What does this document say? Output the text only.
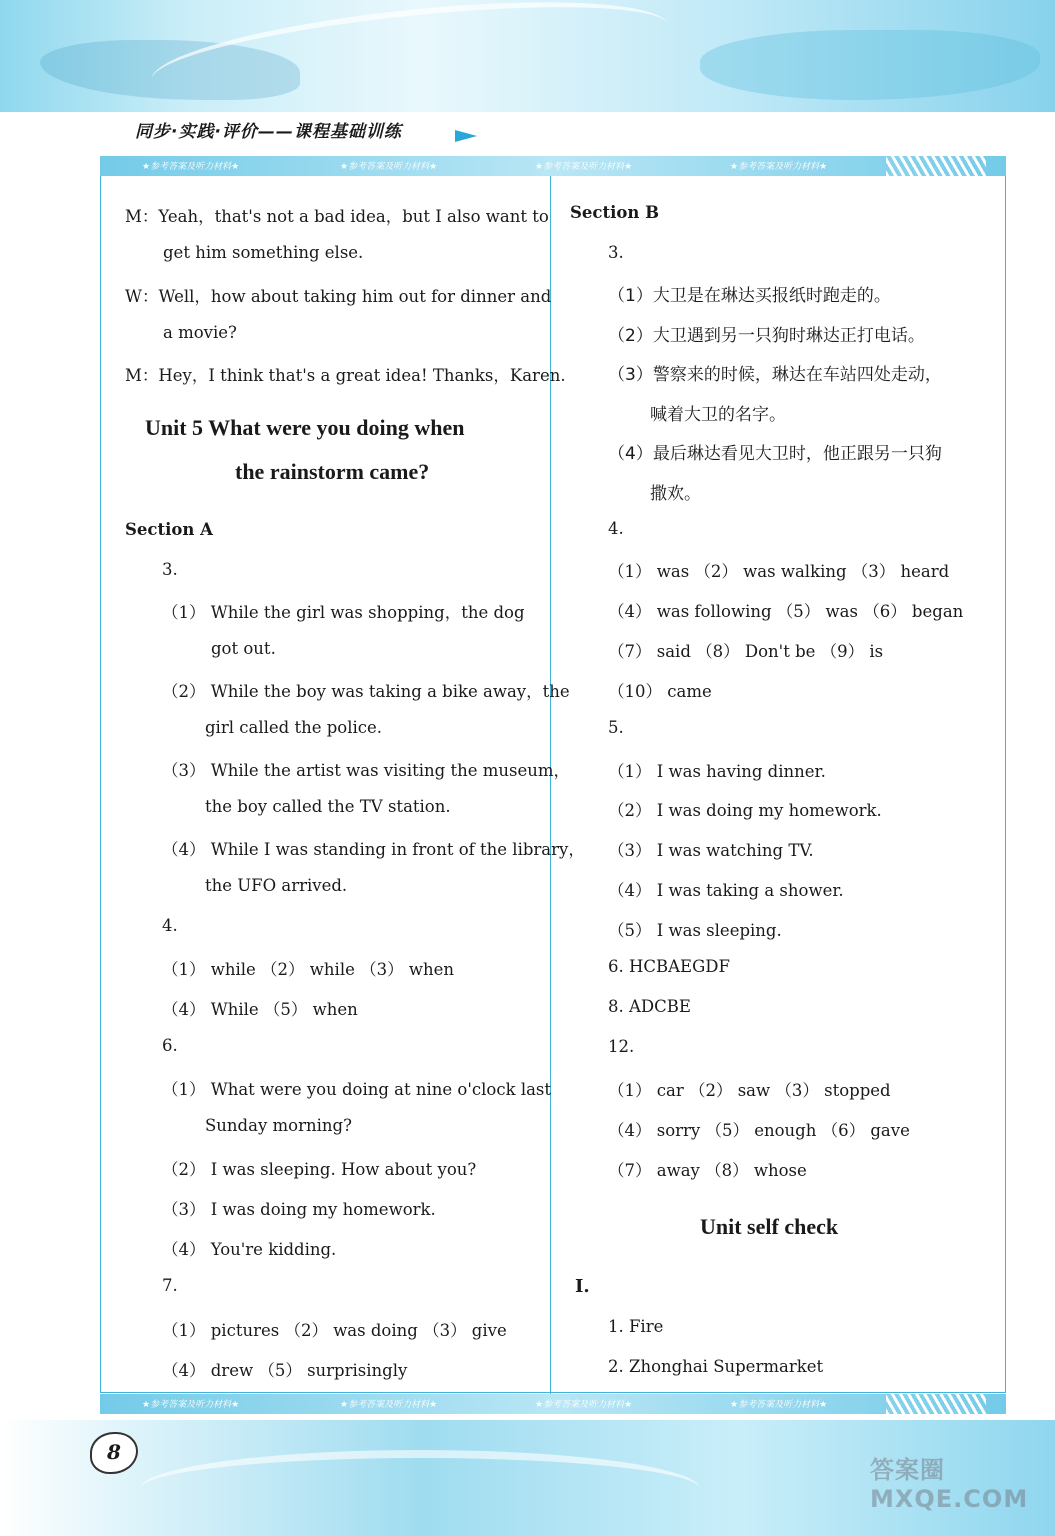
同步·实践·评价——课程基础训练
★参考答案及听力材料★	★参考答案及听力材料★	★参考答案及听力材料★	★参考答案及听力材料★
M：Yeah，that's not a bad idea，but I also want to
get him something else.
W：Well，how about taking him out for dinner and
a movie?
M：Hey，I think that's a great idea! Thanks，Karen.
Unit 5 What were you doing when
the rainstorm came?
Section A
3.
（1） While the girl was shopping，the dog
got out.
（2） While the boy was taking a bike away，the
girl called the police.
（3） While the artist was visiting the museum，
the boy called the TV station.
（4） While I was standing in front of the library，
the UFO arrived.
4.
（1） while （2） while （3） when
（4） While （5） when
6.
（1） What were you doing at nine o'clock last
Sunday morning?
（2） I was sleeping. How about you?
（3） I was doing my homework.
（4） You're kidding.
7.
（1） pictures （2） was doing （3） give
（4） drew （5） surprisingly
Section B
3.
（1）大卫是在琳达买报纸时跑走的。
（2）大卫遇到另一只狗时琳达正打电话。
（3）警察来的时候，琳达在车站四处走动，
喊着大卫的名字。
（4）最后琳达看见大卫时，他正跟另一只狗
撒欢。
4.
（1） was （2） was walking （3） heard
（4） was following （5） was （6） began
（7） said （8） Don't be （9） is
（10） came
5.
（1） I was having dinner.
（2） I was doing my homework.
（3） I was watching TV.
（4） I was taking a shower.
（5） I was sleeping.
6. HCBAEGDF
8. ADCBE
12.
（1） car （2） saw （3） stopped
（4） sorry （5） enough （6） gave
（7） away （8） whose
Unit self check
Ⅰ.
1. Fire
2. Zhonghai Supermarket
★参考答案及听力材料★	★参考答案及听力材料★	★参考答案及听力材料★	★参考答案及听力材料★
8
答案圈 MXQE.COM
